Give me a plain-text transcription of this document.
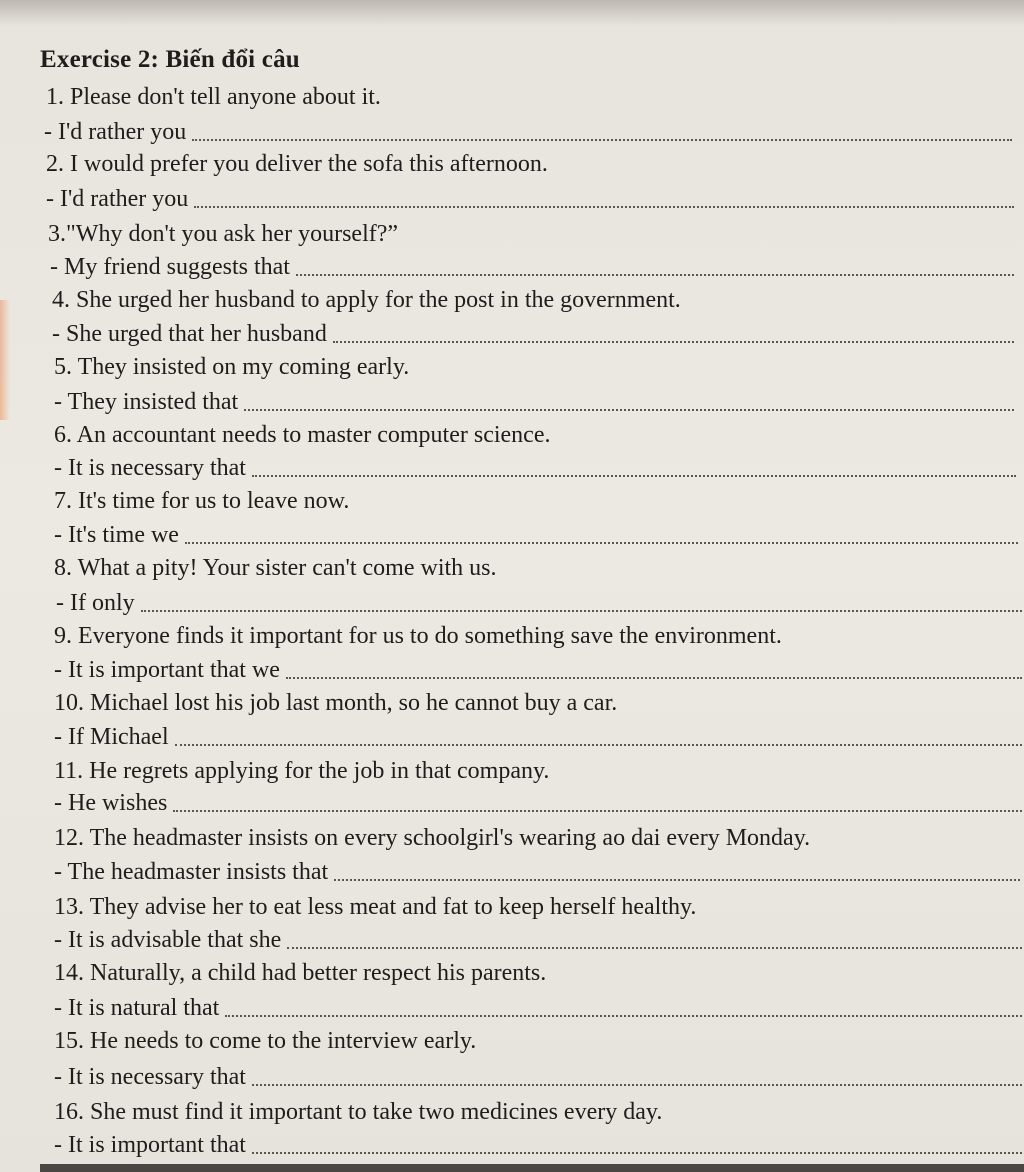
Exercise 2: Biến đổi câu
1. Please don't tell anyone about it.
- I'd rather you
2. I would prefer you deliver the sofa this afternoon.
- I'd rather you
3."Why don't you ask her yourself?”
- My friend suggests that
4. She urged her husband to apply for the post in the government.
- She urged that her husband
5. They insisted on my coming early.
- They insisted that
6. An accountant needs to master computer science.
- It is necessary that
7. It's time for us to leave now.
- It's time we
8. What a pity! Your sister can't come with us.
- If only
9. Everyone finds it important for us to do something save the environment.
- It is important that we
10. Michael lost his job last month, so he cannot buy a car.
- If Michael
11. He regrets applying for the job in that company.
- He wishes
12. The headmaster insists on every schoolgirl's wearing ao dai every Monday.
- The headmaster insists that
13. They advise her to eat less meat and fat to keep herself healthy.
- It is advisable that she
14. Naturally, a child had better respect his parents.
- It is natural that
15. He needs to come to the interview early.
- It is necessary that
16. She must find it important to take two medicines every day.
- It is important that
